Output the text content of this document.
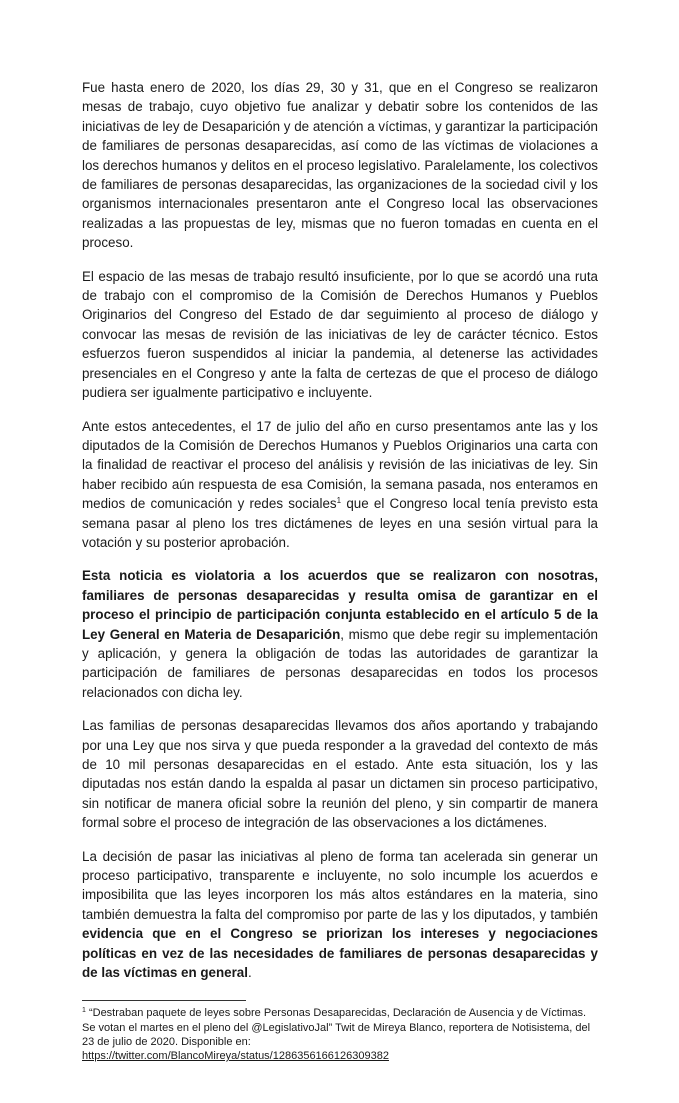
Fue hasta enero de 2020, los días 29, 30 y 31, que en el Congreso se realizaron mesas de trabajo, cuyo objetivo fue analizar y debatir sobre los contenidos de las iniciativas de ley de Desaparición y de atención a víctimas, y garantizar la participación de familiares de personas desaparecidas, así como de las víctimas de violaciones a los derechos humanos y delitos en el proceso legislativo. Paralelamente, los colectivos de familiares de personas desaparecidas, las organizaciones de la sociedad civil y los organismos internacionales presentaron ante el Congreso local las observaciones realizadas a las propuestas de ley, mismas que no fueron tomadas en cuenta en el proceso.

El espacio de las mesas de trabajo resultó insuficiente, por lo que se acordó una ruta de trabajo con el compromiso de la Comisión de Derechos Humanos y Pueblos Originarios del Congreso del Estado de dar seguimiento al proceso de diálogo y convocar las mesas de revisión de las iniciativas de ley de carácter técnico. Estos esfuerzos fueron suspendidos al iniciar la pandemia, al detenerse las actividades presenciales en el Congreso y ante la falta de certezas de que el proceso de diálogo pudiera ser igualmente participativo e incluyente.

Ante estos antecedentes, el 17 de julio del año en curso presentamos ante las y los diputados de la Comisión de Derechos Humanos y Pueblos Originarios una carta con la finalidad de reactivar el proceso del análisis y revisión de las iniciativas de ley. Sin haber recibido aún respuesta de esa Comisión, la semana pasada, nos enteramos en medios de comunicación y redes sociales$^1$ que el Congreso local tenía previsto esta semana pasar al pleno los tres dictámenes de leyes en una sesión virtual para la votación y su posterior aprobación.

Esta noticia es violatoria a los acuerdos que se realizaron con nosotras, familiares de personas desaparecidas y resulta omisa de garantizar en el proceso el principio de participación conjunta establecido en el artículo 5 de la Ley General en Materia de Desaparición, mismo que debe regir su implementación y aplicación, y genera la obligación de todas las autoridades de garantizar la participación de familiares de personas desaparecidas en todos los procesos relacionados con dicha ley.

Las familias de personas desaparecidas llevamos dos años aportando y trabajando por una Ley que nos sirva y que pueda responder a la gravedad del contexto de más de 10 mil personas desaparecidas en el estado. Ante esta situación, los y las diputadas nos están dando la espalda al pasar un dictamen sin proceso participativo, sin notificar de manera oficial sobre la reunión del pleno, y sin compartir de manera formal sobre el proceso de integración de las observaciones a los dictámenes.

La decisión de pasar las iniciativas al pleno de forma tan acelerada sin generar un proceso participativo, transparente e incluyente, no solo incumple los acuerdos e imposibilita que las leyes incorporen los más altos estándares en la materia, sino también demuestra la falta del compromiso por parte de las y los diputados, y también evidencia que en el Congreso se priorizan los intereses y negociaciones políticas en vez de las necesidades de familiares de personas desaparecidas y de las víctimas en general.

$^1$ “Destraban paquete de leyes sobre Personas Desaparecidas, Declaración de Ausencia y de Víctimas. Se votan el martes en el pleno del @LegislativoJal” Twit de Mireya Blanco, reportera de Notisistema, del 23 de julio de 2020. Disponible en:
https://twitter.com/BlancoMireya/status/1286356166126309382
